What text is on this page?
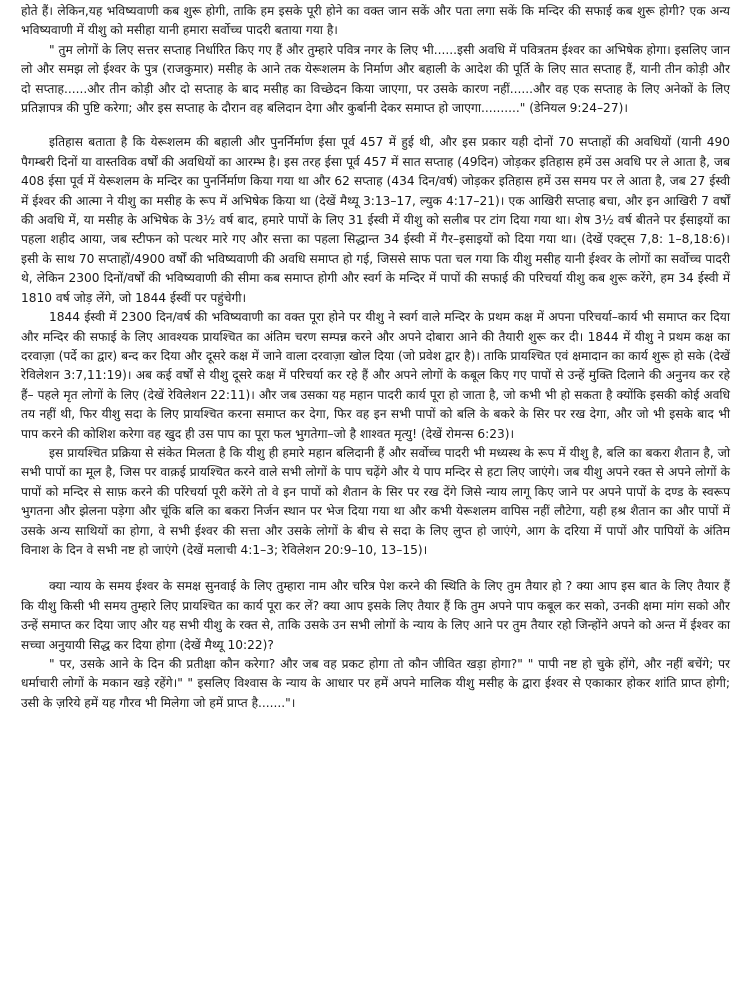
होते हैं। लेकिन,यह भविष्यवाणी कब शुरू होगी, ताकि हम इसके पूरी होने का वक्त जान सकें और पता लगा सकें कि मन्दिर की सफाई कब शुरू होगी? एक अन्य भविष्यवाणी में यीशु को मसीहा यानी हमारा सर्वोच्च पादरी बताया गया है।

" तुम लोगों के लिए सत्तर सप्ताह निर्धारित किए गए हैं और तुम्हारे पवित्र नगर के लिए भी......इसी अवधि में पवित्रतम ईश्वर का अभिषेक होगा। इसलिए जान लो और समझ लो ईश्वर के पुत्र (राजकुमार) मसीह के आने तक येरूशलम के निर्माण और बहाली के आदेश की पूर्ति के लिए सात सप्ताह हैं, यानी तीन कोड़ी और दो सप्ताह......और तीन कोड़ी और दो सप्ताह के बाद मसीह का विच्छेदन किया जाएगा, पर उसके कारण नहीं......और वह एक सप्ताह के लिए अनेकों के लिए प्रतिज्ञापत्र की पुष्टि करेगा; और इस सप्ताह के दौरान वह बलिदान देगा और कुर्बानी देकर समाप्त हो जाएगा.........." (डेनियल 9:24–27)।

इतिहास बताता है कि येरूशलम की बहाली और पुनर्निर्माण ईसा पूर्व 457 में हुई थी, और इस प्रकार यही दोनों 70 सप्ताहों की अवधियों (यानी 490 पैगम्बरी दिनों या वास्तविक वर्षों की अवधियों का आरम्भ है। इस तरह ईसा पूर्व 457 में सात सप्ताह (49दिन) जोड़कर इतिहास हमें उस अवधि पर ले आता है, जब 408 ईसा पूर्व में येरूशलम के मन्दिर का पुनर्निर्माण किया गया था और 62 सप्ताह (434 दिन/वर्ष) जोड़कर इतिहास हमें उस समय पर ले आता है, जब 27 ईस्वी में ईश्वर की आत्मा ने यीशु का मसीह के रूप में अभिषेक किया था (देखें मैथ्यू 3:13–17, ल्युक 4:17–21)। एक आखिरी सप्ताह बचा, और इन आखिरी 7 वर्षों की अवधि में, या मसीह के अभिषेक के 3½ वर्ष बाद, हमारे पापों के लिए 31 ईस्वी में यीशु को सलीब पर टांग दिया गया था। शेष 3½ वर्ष बीतने पर ईसाइयों का पहला शहीद आया, जब स्टीफन को पत्थर मारे गए और सत्ता का पहला सिद्धान्त 34 ईस्वी में गैर–इसाइयों को दिया गया था। (देखें एक्ट्स 7,8: 1–8,18:6)। इसी के साथ 70 सप्ताहों/4900 वर्षों की भविष्यवाणी की अवधि समाप्त हो गई, जिससे साफ पता चल गया कि यीशु मसीह यानी ईश्वर के लोगों का सर्वोच्च पादरी थे, लेकिन 2300 दिनों/वर्षों की भविष्यवाणी की सीमा कब समाप्त होगी और स्वर्ग के मन्दिर में पापों की सफाई की परिचर्या यीशु कब शुरू करेंगे, हम 34 ईस्वी में 1810 वर्ष जोड़ लेंगे, जो 1844 ईस्वीं पर पहुंचेगी।

1844 ईस्वी में 2300 दिन/वर्ष की भविष्यवाणी का वक्त पूरा होने पर यीशु ने स्वर्ग वाले मन्दिर के प्रथम कक्ष में अपना परिचर्या–कार्य भी समाप्त कर दिया और मन्दिर की सफाई के लिए आवश्यक प्रायश्चित का अंतिम चरण सम्पन्न करने और अपने दोबारा आने की तैयारी शुरू कर दी। 1844 में यीशु ने प्रथम कक्ष का दरवाज़ा (पर्दे का द्वार) बन्द कर दिया और दूसरे कक्ष में जाने वाला दरवाज़ा खोल दिया (जो प्रवेश द्वार है)। ताकि प्रायश्चित एवं क्षमादान का कार्य शुरू हो सके (देखें रेविलेशन 3:7,11:19)। अब कई वर्षों से यीशु दूसरे कक्ष में परिचर्या कर रहे हैं और अपने लोगों के कबूल किए गए पापों से उन्हें मुक्ति दिलाने की अनुनय कर रहे हैं– पहले मृत लोगों के लिए (देखें रेविलेशन 22:11)। और जब उसका यह महान पादरी कार्य पूरा हो जाता है, जो कभी भी हो सकता है क्योंकि इसकी कोई अवधि तय नहीं थी, फिर यीशु सदा के लिए प्रायश्चित करना समाप्त कर देगा, फिर वह इन सभी पापों को बलि के बकरे के सिर पर रख देगा, और जो भी इसके बाद भी पाप करने की कोशिश करेगा वह खुद ही उस पाप का पूरा फल भुगतेगा–जो है शाश्वत मृत्यु! (देखें रोमन्स 6:23)।

इस प्रायश्चित प्रक्रिया से संकेत मिलता है कि यीशु ही हमारे महान बलिदानी हैं और सर्वोच्च पादरी भी मध्यस्थ के रूप में यीशु है, बलि का बकरा शैतान है, जो सभी पापों का मूल है, जिस पर वाक़ई प्रायश्चित करने वाले सभी लोगों के पाप चढ़ेंगे और ये पाप मन्दिर से हटा लिए जाएंगे। जब यीशु अपने रक्त से अपने लोगों के पापों को मन्दिर से साफ़ करने की परिचर्या पूरी करेंगे तो वे इन पापों को शैतान के सिर पर रख देंगे जिसे न्याय लागू किए जाने पर अपने पापों के दण्ड के स्वरूप भुगतना और झेलना पड़ेगा और चूंकि बलि का बकरा निर्जन स्थान पर भेज दिया गया था और कभी येरूशलम वापिस नहीं लौटेगा, यही हश्र शैतान का और पापों में उसके अन्य साथियों का होगा, वे सभी ईश्वर की सत्ता और उसके लोगों के बीच से सदा के लिए लुप्त हो जाएंगे, आग के दरिया में पापों और पापियों के अंतिम विनाश के दिन वे सभी नष्ट हो जाएंगे (देखें मलाची 4:1–3; रेविलेशन 20:9–10, 13–15)।

क्या न्याय के समय ईश्वर के समक्ष सुनवाई के लिए तुम्हारा नाम और चरित्र पेश करने की स्थिति के लिए तुम तैयार हो ? क्या आप इस बात के लिए तैयार हैं कि यीशु किसी भी समय तुम्हारे लिए प्रायश्चित का कार्य पूरा कर लें? क्या आप इसके लिए तैयार हैं कि तुम अपने पाप कबूल कर सको, उनकी क्षमा मांग सको और उन्हें समाप्त कर दिया जाए और यह सभी यीशु के रक्त से, ताकि उसके उन सभी लोगों के न्याय के लिए आने पर तुम तैयार रहो जिन्होंने अपने को अन्त में ईश्वर का सच्चा अनुयायी सिद्ध कर दिया होगा (देखें मैथ्यू 10:22)?

" पर, उसके आने के दिन की प्रतीक्षा कौन करेगा? और जब वह प्रकट होगा तो कौन जीवित खड़ा होगा?" " पापी नष्ट हो चुके होंगे, और नहीं बचेंगे; पर धर्माचारी लोगों के मकान खड़े रहेंगे।" " इसलिए विश्वास के न्याय के आधार पर हमें अपने मालिक यीशु मसीह के द्वारा ईश्वर से एकाकार होकर शांति प्राप्त होगी; उसी के ज़रिये हमें यह गौरव भी मिलेगा जो हमें प्राप्त है......."।
